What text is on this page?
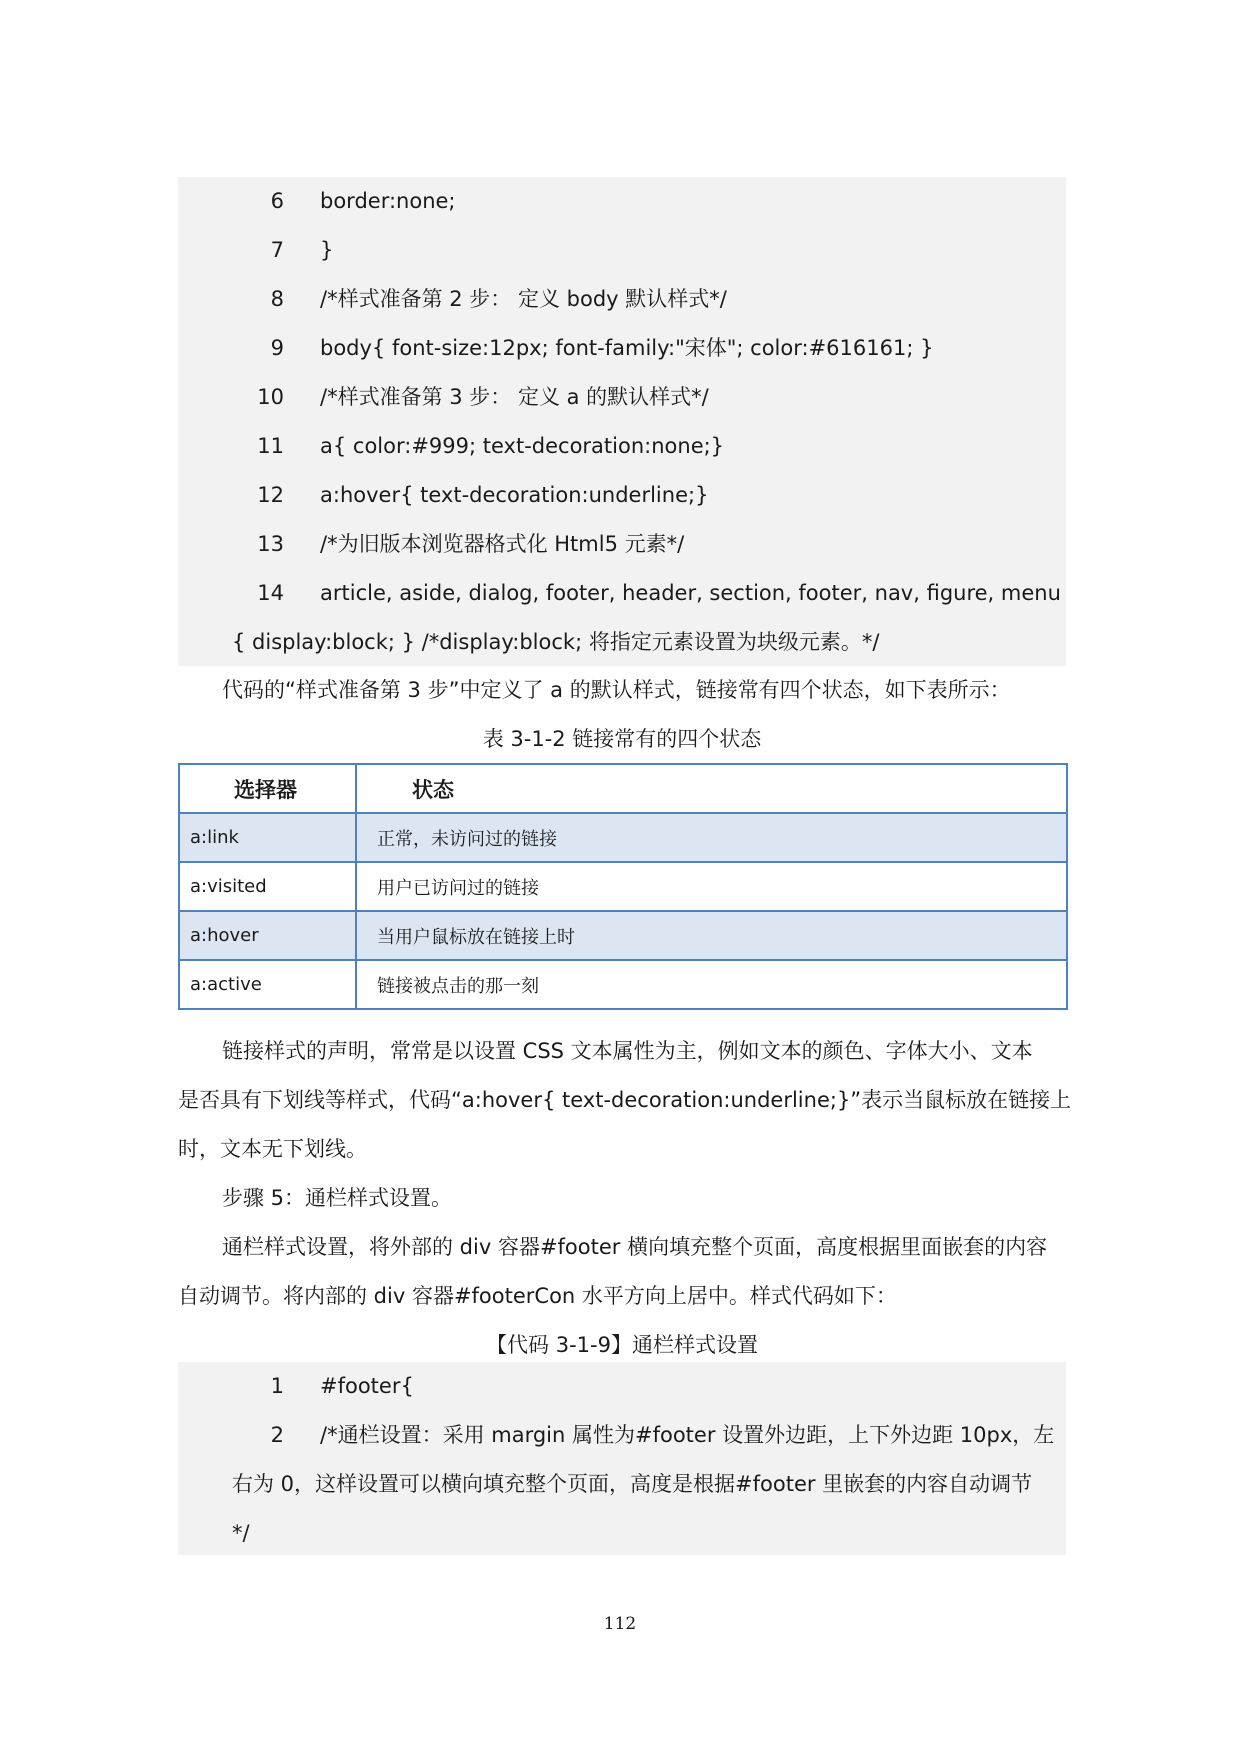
6 border:none;
7 }
8 /*样式准备第 2 步： 定义 body 默认样式*/
9 body{ font-size:12px; font-family:"宋体"; color:#616161; }
10 /*样式准备第 3 步： 定义 a 的默认样式*/
11 a{ color:#999; text-decoration:none;}
12 a:hover{ text-decoration:underline;}
13 /*为旧版本浏览器格式化 Html5 元素*/
14 article, aside, dialog, footer, header, section, footer, nav, figure, menu
{ display:block; } /*display:block; 将指定元素设置为块级元素。*/
代码的“样式准备第 3 步”中定义了 a 的默认样式，链接常有四个状态，如下表所示：
表 3-1-2 链接常有的四个状态
选择器	状态
a:link	正常，未访问过的链接
a:visited	用户已访问过的链接
a:hover	当用户鼠标放在链接上时
a:active	链接被点击的那一刻
链接样式的声明，常常是以设置 CSS 文本属性为主，例如文本的颜色、字体大小、文本
是否具有下划线等样式，代码“a:hover{ text-decoration:underline;}”表示当鼠标放在链接上
时，文本无下划线。
步骤 5：通栏样式设置。
通栏样式设置，将外部的 div 容器#footer 横向填充整个页面，高度根据里面嵌套的内容
自动调节。将内部的 div 容器#footerCon 水平方向上居中。样式代码如下：
【代码 3-1-9】通栏样式设置
1 #footer{
2 /*通栏设置：采用 margin 属性为#footer 设置外边距，上下外边距 10px，左
右为 0，这样设置可以横向填充整个页面，高度是根据#footer 里嵌套的内容自动调节
*/
112
